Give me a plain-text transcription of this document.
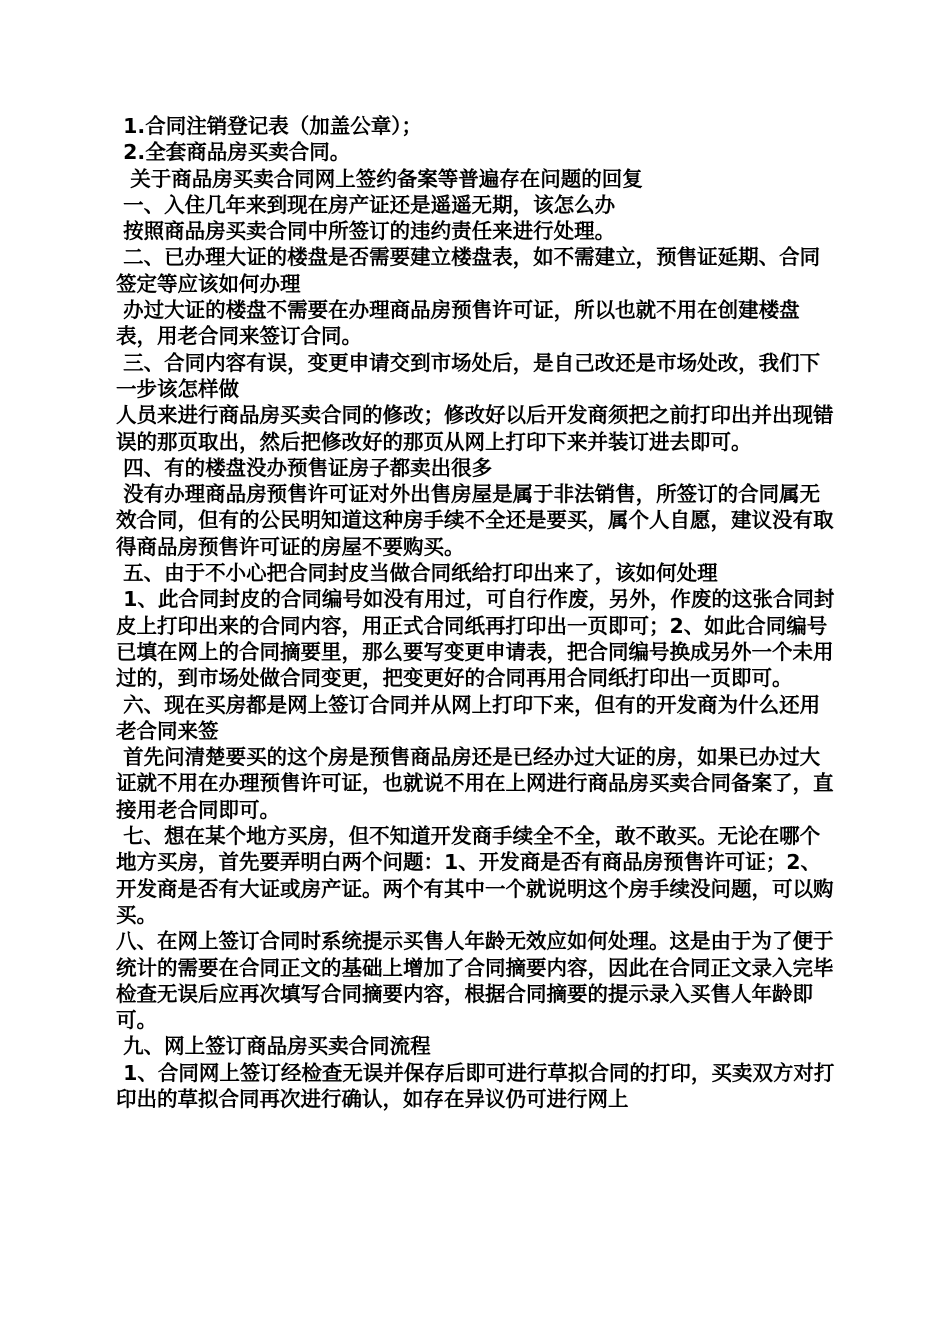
1.合同注销登记表（加盖公章）；

2.全套商品房买卖合同。

关于商品房买卖合同网上签约备案等普遍存在问题的回复

一、入住几年来到现在房产证还是遥遥无期，该怎么办

按照商品房买卖合同中所签订的违约责任来进行处理。

二、已办理大证的楼盘是否需要建立楼盘表，如不需建立，预售证延期、合同签定等应该如何办理

办过大证的楼盘不需要在办理商品房预售许可证，所以也就不用在创建楼盘表，用老合同来签订合同。

三、合同内容有误，变更申请交到市场处后，是自己改还是市场处改，我们下一步该怎样做

人员来进行商品房买卖合同的修改；修改好以后开发商须把之前打印出并出现错误的那页取出，然后把修改好的那页从网上打印下来并装订进去即可。

四、有的楼盘没办预售证房子都卖出很多

没有办理商品房预售许可证对外出售房屋是属于非法销售，所签订的合同属无效合同，但有的公民明知道这种房手续不全还是要买，属个人自愿，建议没有取得商品房预售许可证的房屋不要购买。

五、由于不小心把合同封皮当做合同纸给打印出来了，该如何处理

1、此合同封皮的合同编号如没有用过，可自行作废，另外，作废的这张合同封皮上打印出来的合同内容，用正式合同纸再打印出一页即可；2、如此合同编号已填在网上的合同摘要里，那么要写变更申请表，把合同编号换成另外一个未用过的，到市场处做合同变更，把变更好的合同再用合同纸打印出一页即可。

六、现在买房都是网上签订合同并从网上打印下来，但有的开发商为什么还用老合同来签

首先问清楚要买的这个房是预售商品房还是已经办过大证的房，如果已办过大证就不用在办理预售许可证，也就说不用在上网进行商品房买卖合同备案了，直接用老合同即可。

七、想在某个地方买房，但不知道开发商手续全不全，敢不敢买。无论在哪个地方买房，首先要弄明白两个问题：1、开发商是否有商品房预售许可证；2、开发商是否有大证或房产证。两个有其中一个就说明这个房手续没问题，可以购买。

八、在网上签订合同时系统提示买售人年龄无效应如何处理。这是由于为了便于统计的需要在合同正文的基础上增加了合同摘要内容，因此在合同正文录入完毕检查无误后应再次填写合同摘要内容，根据合同摘要的提示录入买售人年龄即可。

九、网上签订商品房买卖合同流程

1、合同网上签订经检查无误并保存后即可进行草拟合同的打印，买卖双方对打印出的草拟合同再次进行确认，如存在异议仍可进行网上
